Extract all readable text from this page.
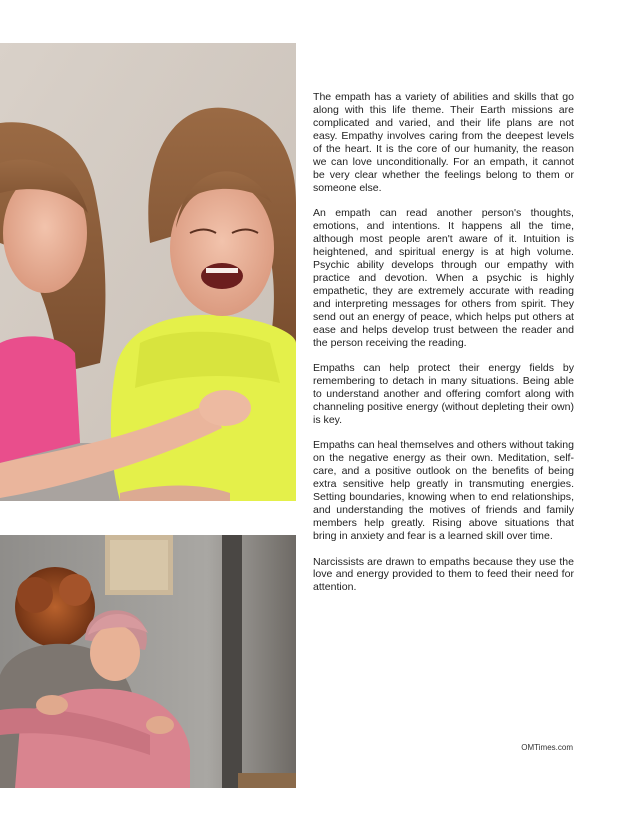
The empath has a variety of abilities and skills that go along with this life theme. Their Earth missions are complicated and varied, and their life plans are not easy. Empathy involves caring from the deepest levels of the heart. It is the core of our humanity, the reason we can love unconditionally. For an empath, it cannot be very clear whether the feelings belong to them or someone else.

An empath can read another person's thoughts, emotions, and intentions. It happens all the time, although most people aren't aware of it. Intuition is heightened, and spiritual energy is at high volume. Psychic ability develops through our empathy with practice and devotion. When a psychic is highly empathetic, they are extremely accurate with reading and interpreting messages for others from spirit. They send out an energy of peace, which helps put others at ease and helps develop trust between the reader and the person receiving the reading.

Empaths can help protect their energy fields by remembering to detach in many situations. Being able to understand another and offering comfort along with channeling positive energy (without depleting their own) is key.

Empaths can heal themselves and others without taking on the negative energy as their own. Meditation, self-care, and a positive outlook on the benefits of being extra sensitive help greatly in transmuting energies. Setting boundaries, knowing when to end relationships, and understanding the motives of friends and family members help greatly. Rising above situations that bring in anxiety and fear is a learned skill over time.

Narcissists are drawn to empaths because they use the love and energy provided to them to feed their need for attention.

OMTimes.com
